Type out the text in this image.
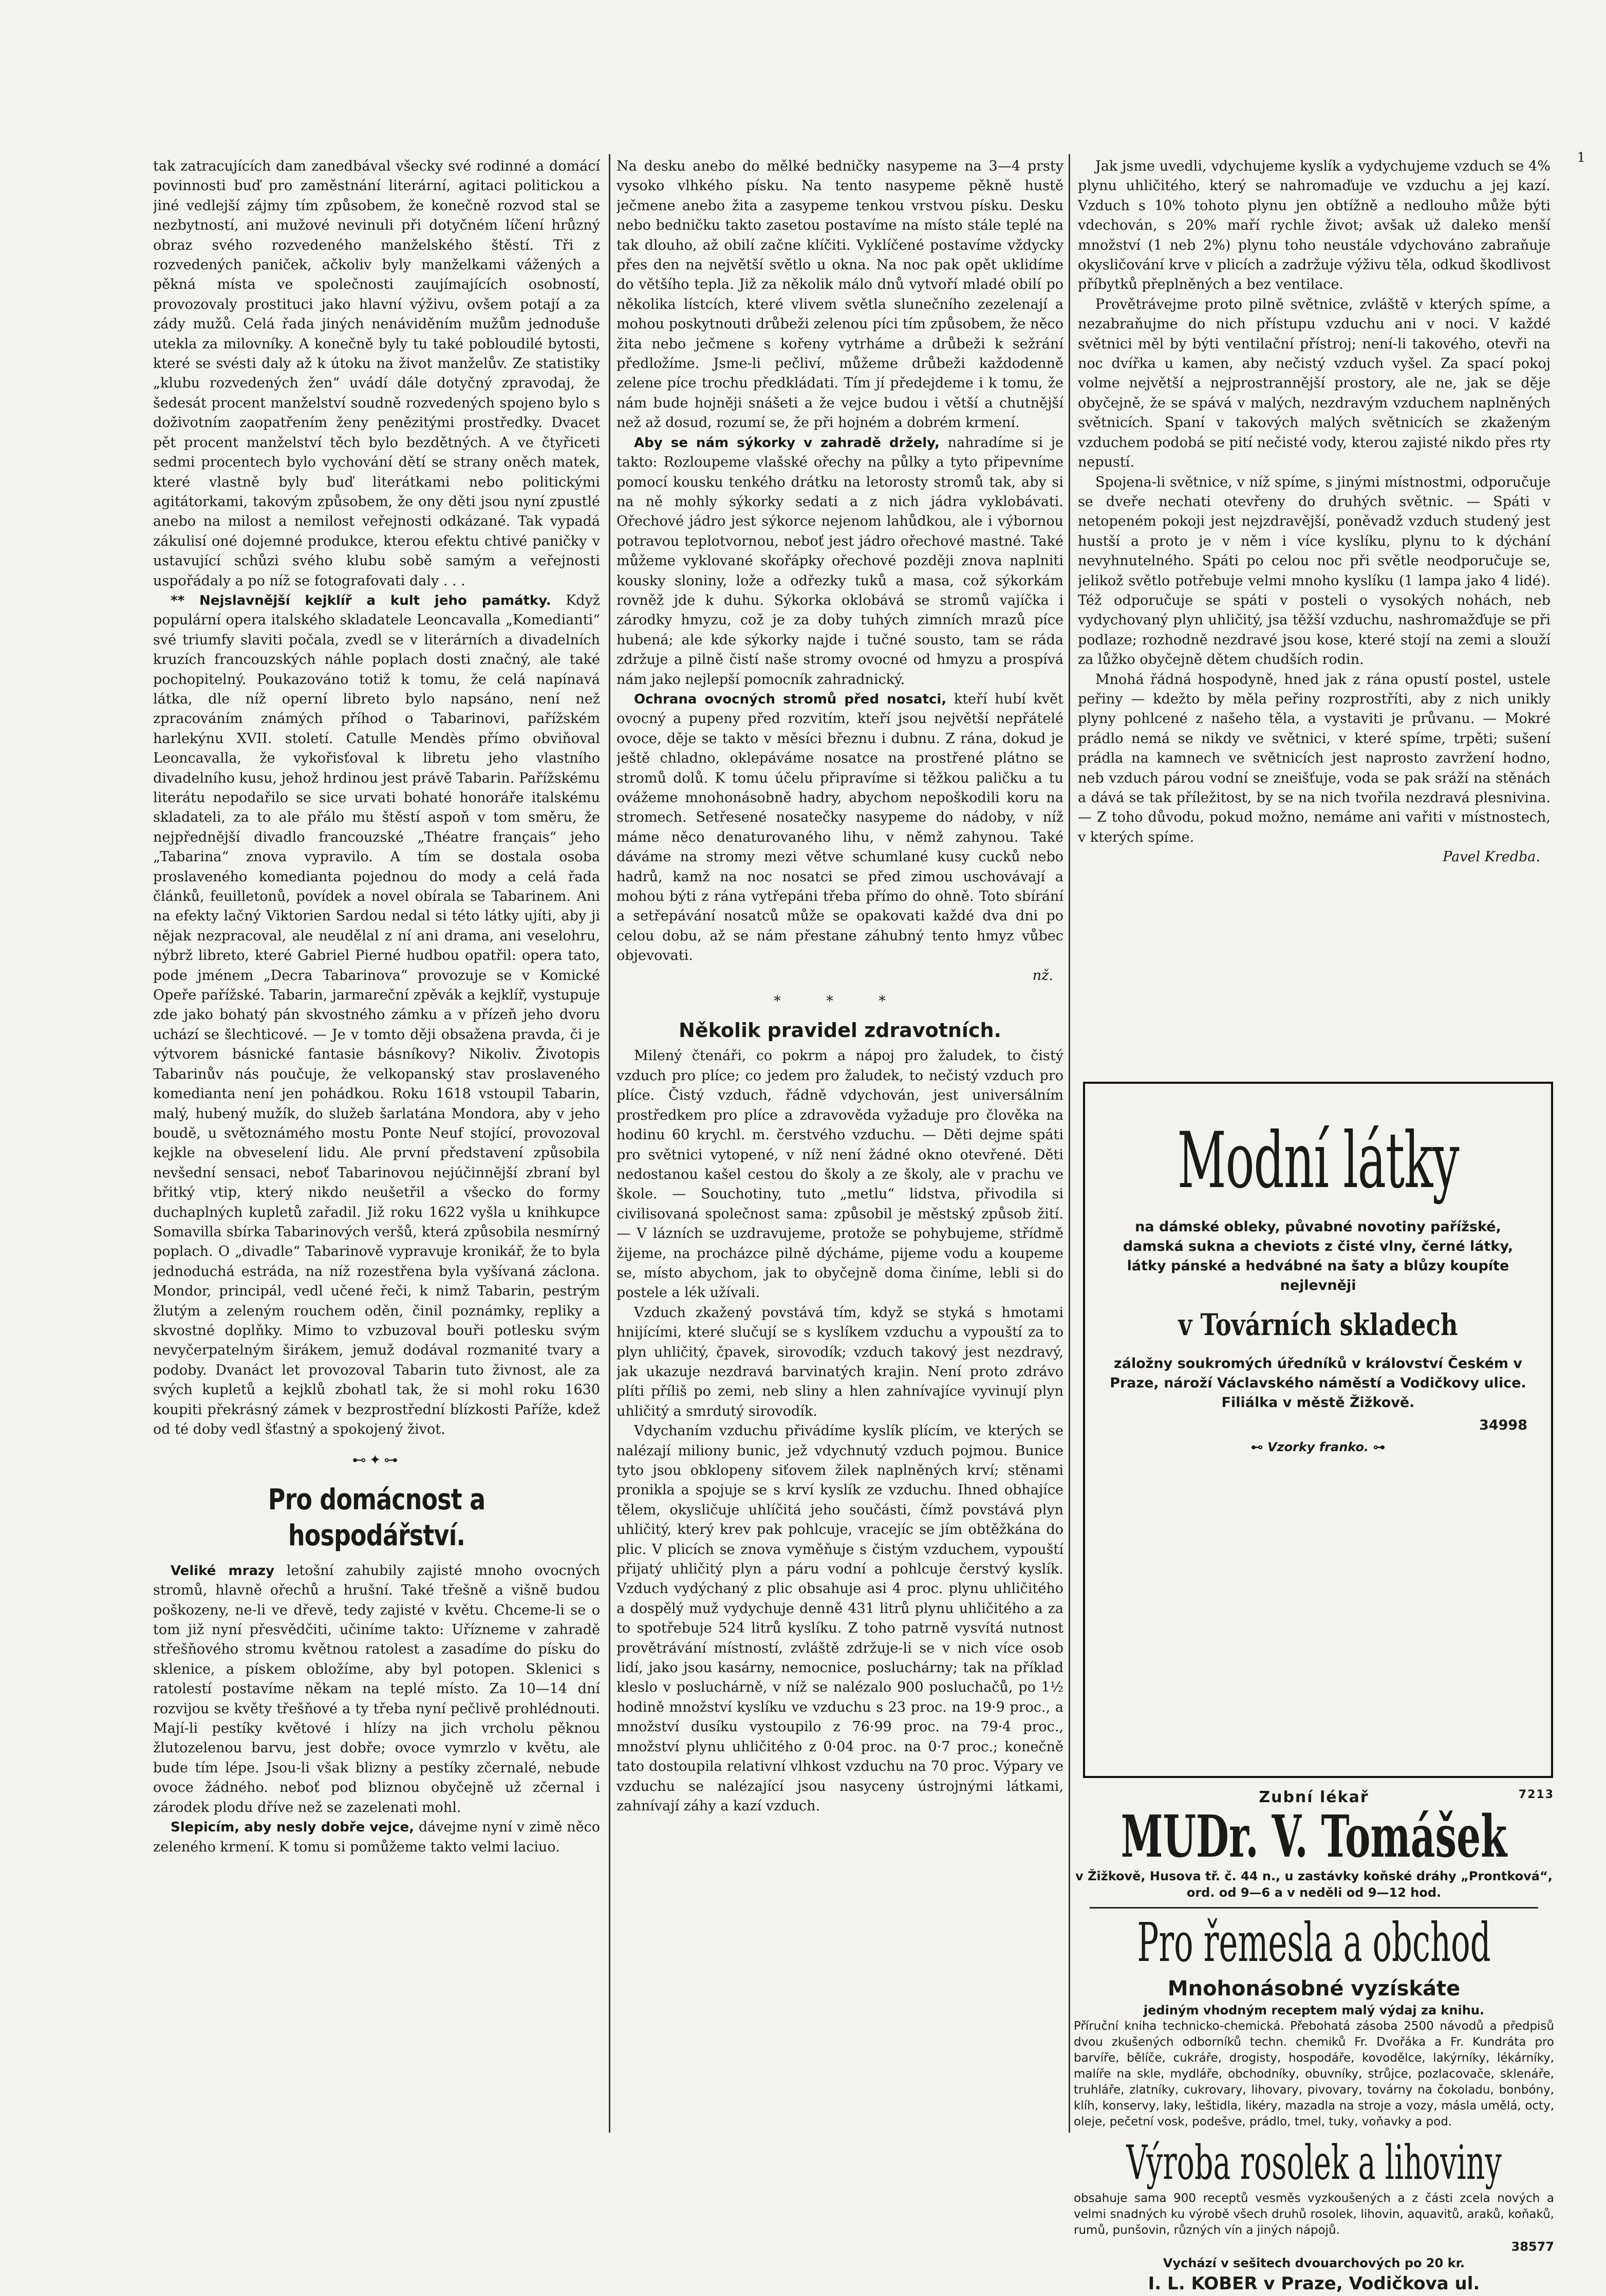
1

tak zatracujících dam zanedbával všecky své rodinné a domácí povinnosti buď pro zaměstnání literární, agitaci politickou a jiné vedlejší zájmy tím způsobem, že konečně rozvod stal se nezbytností, ani mužové nevinuli při dotyčném líčení hrůzný obraz svého rozvedeného manželského štěstí. Tři z rozvedených paniček, ačkoliv byly manželkami vážených a pěkná místa ve společnosti zaujímajících osobností, provozovaly prostituci jako hlavní výživu, ovšem potají a za zády mužů. Celá řada jiných nenáviděním mužům jednoduše utekla za milovníky. A konečně byly tu také pobloudilé bytosti, které se svésti daly až k útoku na život manželův. Ze statistiky „klubu rozvedených žen“ uvádí dále dotyčný zpravodaj, že šedesát procent manželství soudně rozvedených spojeno bylo s doživotním zaopatřením ženy penězitými prostředky. Dvacet pět procent manželství těch bylo bezdětných. A ve čtyřiceti sedmi procentech bylo vychování dětí se strany oněch matek, které vlastně byly buď literátkami nebo politickými agitátorkami, takovým způsobem, že ony děti jsou nyní zpustlé anebo na milost a nemilost veřejnosti odkázané. Tak vypadá zákulisí oné dojemné produkce, kterou efektu chtivé paničky v ustavující schůzi svého klubu sobě samým a veřejnosti uspořádaly a po níž se fotografovati daly . . .

** Nejslavnější kejklíř a kult jeho památky. Když populární opera italského skladatele Leoncavalla „Komedianti“ své triumfy slaviti počala, zvedl se v literárních a divadelních kruzích francouzských náhle poplach dosti značný, ale také pochopitelný. Poukazováno totiž k tomu, že celá napínavá látka, dle níž operní libreto bylo napsáno, není než zpracováním známých příhod o Tabarinovi, pařížském harlekýnu XVII. století. Catulle Mendès přímo obviňoval Leoncavalla, že vykořisťoval k libretu jeho vlastního divadelního kusu, jehož hrdinou jest právě Tabarin. Pařížskému literátu nepodařilo se sice urvati bohaté honoráře italskému skladateli, za to ale přálo mu štěstí aspoň v tom směru, že nejpřednější divadlo francouzské „Théatre français“ jeho „Tabarina“ znova vypravilo. A tím se dostala osoba proslaveného komedianta pojednou do mody a celá řada článků, feuilletonů, povídek a novel obírala se Tabarinem. Ani na efekty lačný Viktorien Sardou nedal si této látky ujíti, aby ji nějak nezpracoval, ale neudělal z ní ani drama, ani veselohru, nýbrž libreto, které Gabriel Pierné hudbou opatřil: opera tato, pode jménem „Decra Tabarinova“ provozuje se v Komické Opeře pařížské. Tabarin, jarmareční zpěvák a kejklíř, vystupuje zde jako bohatý pán skvostného zámku a v přízeň jeho dvoru uchází se šlechticové. — Je v tomto ději obsažena pravda, či je výtvorem básnické fantasie básníkovy? Nikoliv. Životopis Tabarinův nás poučuje, že velkopanský stav proslaveného komedianta není jen pohádkou. Roku 1618 vstoupil Tabarin, malý, hubený mužík, do služeb šarlatána Mondora, aby v jeho boudě, u světoznámého mostu Ponte Neuf stojící, provozoval kejkle na obveselení lidu. Ale první představení způsobila nevšední sensaci, neboť Tabarinovou nejúčinnější zbraní byl břitký vtip, který nikdo neušetřil a všecko do formy duchaplných kupletů zařadil. Již roku 1622 vyšla u knihkupce Somavilla sbírka Tabarinových veršů, která způsobila nesmírný poplach. O „divadle“ Tabarinově vypravuje kronikář, že to byla jednoduchá estráda, na níž rozestřena byla vyšívaná záclona. Mondor, principál, vedl učené řeči, k nimž Tabarin, pestrým žlutým a zeleným rouchem oděn, činil poznámky, repliky a skvostné doplňky. Mimo to vzbuzoval bouři potlesku svým nevyčerpatelným širákem, jemuž dodával rozmanité tvary a podoby. Dvanáct let provozoval Tabarin tuto živnost, ale za svých kupletů a kejklů zbohatl tak, že si mohl roku 1630 koupiti překrásný zámek v bezprostřední blízkosti Paříže, kdež od té doby vedl šťastný a spokojený život.

⊷✦⊶
Pro domácnost a hospodářství.

Veliké mrazy letošní zahubily zajisté mnoho ovocných stromů, hlavně ořechů a hrušní. Také třešně a višně budou poškozeny, ne-li ve dřevě, tedy zajisté v květu. Chceme-li se o tom již nyní přesvědčiti, učiníme takto: Uřízneme v zahradě střešňového stromu květnou ratolest a zasadíme do písku do sklenice, a pískem obložíme, aby byl potopen. Sklenici s ratolestí postavíme někam na teplé místo. Za 10—14 dní rozvijou se květy třešňové a ty třeba nyní pečlivě prohlédnouti. Mají-li pestíky květové i hlízy na jich vrcholu pěknou žlutozelenou barvu, jest dobře; ovoce vymrzlo v květu, ale bude tím lépe. Jsou-li však blizny a pestíky zčernalé, nebude ovoce žádného. neboť pod bliznou obyčejně už zčernal i zárodek plodu dříve než se zazelenati mohl.

Slepicím, aby nesly dobře vejce, dávejme nyní v zimě něco zeleného krmení. K tomu si pomůžeme takto velmi laciuo.

Na desku anebo do mělké bedničky nasypeme na 3—4 prsty vysoko vlhkého písku. Na tento nasypeme pěkně hustě ječmene anebo žita a zasypeme tenkou vrstvou písku. Desku nebo bedničku takto zasetou postavíme na místo stále teplé na tak dlouho, až obilí začne klíčiti. Vyklíčené postavíme vždycky přes den na největší světlo u okna. Na noc pak opět uklidíme do většího tepla. Již za několik málo dnů vytvoří mladé obilí po několika lístcích, které vlivem světla slunečního zezelenají a mohou poskytnouti drůbeži zelenou píci tím způsobem, že něco žita nebo ječmene s kořeny vytrháme a drůbeži k sežrání předložíme. Jsme-li pečliví, můžeme drůbeži každodenně zelene píce trochu předkládati. Tím jí předejdeme i k tomu, že nám bude hojněji snášeti a že vejce budou i větší a chutnější než až dosud, rozumí se, že při hojném a dobrém krmení.

Aby se nám sýkorky v zahradě držely, nahradíme si je takto: Rozloupeme vlašské ořechy na půlky a tyto připevníme pomocí kousku tenkého drátku na letorosty stromů tak, aby si na ně mohly sýkorky sedati a z nich jádra vyklobávati. Ořechové jádro jest sýkorce nejenom lahůdkou, ale i výbornou potravou teplotvornou, neboť jest jádro ořechové mastné. Také můžeme vyklované skořápky ořechové později znova naplniti kousky sloniny, lože a odřezky tuků a masa, což sýkorkám rovněž jde k duhu. Sýkorka oklobává se stromů vajíčka i zárodky hmyzu, což je za doby tuhých zimních mrazů píce hubená; ale kde sýkorky najde i tučné sousto, tam se ráda zdržuje a pilně čistí naše stromy ovocné od hmyzu a prospívá nám jako nejlepší pomocník zahradnický.

Ochrana ovocných stromů před nosatci, kteří hubí květ ovocný a pupeny před rozvitím, kteří jsou největší nepřátelé ovoce, děje se takto v měsíci březnu i dubnu. Z rána, dokud je ještě chladno, oklepáváme nosatce na prostřené plátno se stromů dolů. K tomu účelu připravíme si těžkou paličku a tu ovážeme mnohonásobně hadry, abychom nepoškodili koru na stromech. Setřesené nosatečky nasypeme do nádoby, v níž máme něco denaturovaného lihu, v němž zahynou. Také dáváme na stromy mezi větve schumlané kusy cucků nebo hadrů, kamž na noc nosatci se před zimou uschovávají a mohou býti z rána vytřepáni třeba přímo do ohně. Toto sbírání a setřepávání nosatců může se opakovati každé dva dni po celou dobu, až se nám přestane záhubný tento hmyz vůbec objevovati.

nž.
* * *
Několik pravidel zdravotních.

Milený čtenáři, co pokrm a nápoj pro žaludek, to čistý vzduch pro plíce; co jedem pro žaludek, to nečistý vzduch pro plíce. Čistý vzduch, řádně vdychován, jest universálním prostředkem pro plíce a zdravověda vyžaduje pro člověka na hodinu 60 krychl. m. čerstvého vzduchu. — Děti dejme spáti pro světnici vytopené, v níž není žádné okno otevřené. Děti nedostanou kašel cestou do školy a ze školy, ale v prachu ve škole. — Souchotiny, tuto „metlu“ lidstva, přivodila si civilisovaná společnost sama: způsobil je městský způsob žití. — V lázních se uzdravujeme, protože se pohybujeme, střídmě žijeme, na procházce pilně dýcháme, pijeme vodu a koupeme se, místo abychom, jak to obyčejně doma činíme, lebli si do postele a lék užívali.

Vzduch zkažený povstává tím, když se styká s hmotami hnijícími, které slučují se s kyslíkem vzduchu a vypouští za to plyn uhličitý, čpavek, sirovodík; vzduch takový jest nezdravý, jak ukazuje nezdravá barvinatých krajin. Není proto zdrávo plíti příliš po zemi, neb sliny a hlen zahnívajíce vyvinují plyn uhličitý a smrdutý sirovodík.

Vdychaním vzduchu přivádíme kyslík plícím, ve kterých se nalézají miliony bunic, jež vdychnutý vzduch pojmou. Bunice tyto jsou obklopeny siťovem žilek naplněných krví; stěnami pronikla a spojuje se s krví kyslík ze vzduchu. Ihned obhajíce tělem, okysličuje uhlíčitá jeho součásti, čímž povstává plyn uhličitý, který krev pak pohlcuje, vracejíc se jím obtěžkána do plic. V plicích se znova vyměňuje s čistým vzduchem, vypouští přijatý uhličitý plyn a páru vodní a pohlcuje čerstvý kyslík. Vzduch vydýchaný z plic obsahuje asi 4 proc. plynu uhličitého a dospělý muž vydychuje denně 431 litrů plynu uhličitého a za to spotřebuje 524 litrů kyslíku. Z toho patrně vysvítá nutnost provětrávání místností, zvláště zdržuje-li se v nich více osob lidí, jako jsou kasárny, nemocnice, posluchárny; tak na příklad kleslo v posluchárně, v níž se nalézalo 900 posluchačů, po 1½ hodině množství kyslíku ve vzduchu s 23 proc. na 19·9 proc., a množství dusíku vystoupilo z 76·99 proc. na 79·4 proc., množství plynu uhličitého z 0·04 proc. na 0·7 proc.; konečně tato dostoupila relativní vlhkost vzduchu na 70 proc. Výpary ve vzduchu se nalézající jsou nasyceny ústrojnými látkami, zahnívají záhy a kazí vzduch.

Jak jsme uvedli, vdychujeme kyslík a vydychujeme vzduch se 4% plynu uhličitého, který se nahromaďuje ve vzduchu a jej kazí. Vzduch s 10% tohoto plynu jen obtížně a nedlouho může býti vdechován, s 20% maří rychle život; avšak už daleko menší množství (1 neb 2%) plynu toho neustále vdychováno zabraňuje okysličování krve v plicích a zadržuje výživu těla, odkud škodlivost příbytků přeplněných a bez ventilace.

Provětrávejme proto pilně světnice, zvláště v kterých spíme, a nezabraňujme do nich přístupu vzduchu ani v noci. V každé světnici měl by býti ventilační přístroj; není-li takového, otevři na noc dvířka u kamen, aby nečistý vzduch vyšel. Za spací pokoj volme největší a nejprostrannější prostory, ale ne, jak se děje obyčejně, že se spává v malých, nezdravým vzduchem naplněných světnicích. Spaní v takových malých světnicích se zkaženým vzduchem podobá se pití nečisté vody, kterou zajisté nikdo přes rty nepustí.

Spojena-li světnice, v níž spíme, s jinými místnostmi, odporučuje se dveře nechati otevřeny do druhých světnic. — Spáti v netopeném pokoji jest nejzdravější, poněvadž vzduch studený jest hustší a proto je v něm i více kyslíku, plynu to k dýchání nevyhnutelného. Spáti po celou noc při světle neodporučuje se, jelikož světlo potřebuje velmi mnoho kyslíku (1 lampa jako 4 lidé). Též odporučuje se spáti v posteli o vysokých nohách, neb vydychovaný plyn uhličitý, jsa těžší vzduchu, nashromažďuje se při podlaze; rozhodně nezdravé jsou kose, které stojí na zemi a slouží za lůžko obyčejně dětem chudších rodin.

Mnohá řádná hospodyně, hned jak z rána opustí postel, ustele peřiny — kdežto by měla peřiny rozprostříti, aby z nich unikly plyny pohlcené z našeho těla, a vystaviti je průvanu. — Mokré prádlo nemá se nikdy ve světnici, v které spíme, trpěti; sušení prádla na kamnech ve světnicích jest naprosto zavržení hodno, neb vzduch párou vodní se zneišťuje, voda se pak sráží na stěnách a dává se tak příležitost, by se na nich tvořila nezdravá plesnivina. — Z toho důvodu, pokud možno, nemáme ani vařiti v místnostech, v kterých spíme.

Pavel Kredba.
Modní látky
na dámské obleky, půvabné novotiny pařížské, damská sukna a cheviots z čisté vlny, černé látky, látky pánské a hedvábné na šaty a blůzy koupíte nejlevněji
v Továrních skladech
záložny soukromých úředníků v království Českém v Praze, nároží Václavského náměstí a Vodičkovy ulice. Filiálka v městě Žižkově.
34998
⊷ Vzorky franko. ⊶
Zubní lékař	7213
MUDr. V. Tomášek
v Žižkově, Husova tř. č. 44 n., u zastávky koňské dráhy „Prontková“, ord. od 9—6 a v neděli od 9—12 hod.
Pro řemesla a obchod
Mnohonásobné vyzískáte
jediným vhodným receptem malý výdaj za knihu.
Příruční kniha technicko-chemická. Přebohatá zásoba 2500 návodů a předpisů dvou zkušených odborníků techn. chemiků Fr. Dvořáka a Fr. Kundráta pro barvíře, bělíče, cukráře, drogisty, hospodáře, kovodělce, lakýrníky, lékárníky, malíře na skle, mydláře, obchodníky, obuvníky, strůjce, pozlacovače, sklenáře, truhláře, zlatníky, cukrovary, lihovary, pivovary, továrny na čokoladu, bonbóny, klíh, konservy, laky, leštidla, likéry, mazadla na stroje a vozy, másla umělá, octy, oleje, pečetní vosk, podešve, prádlo, tmel, tuky, voňavky a pod.
Výroba rosolek a lihoviny
obsahuje sama 900 receptů vesměs vyzkoušených a z části zcela nových a velmi snadných ku výrobě všech druhů rosolek, lihovin, aquavitů, araků, koňaků, rumů, punšovin, různých vín a jiných nápojů.
38577
Vychází v sešitech dvouarchových po 20 kr.
I. L. KOBER v Praze, Vodičkova ul.
